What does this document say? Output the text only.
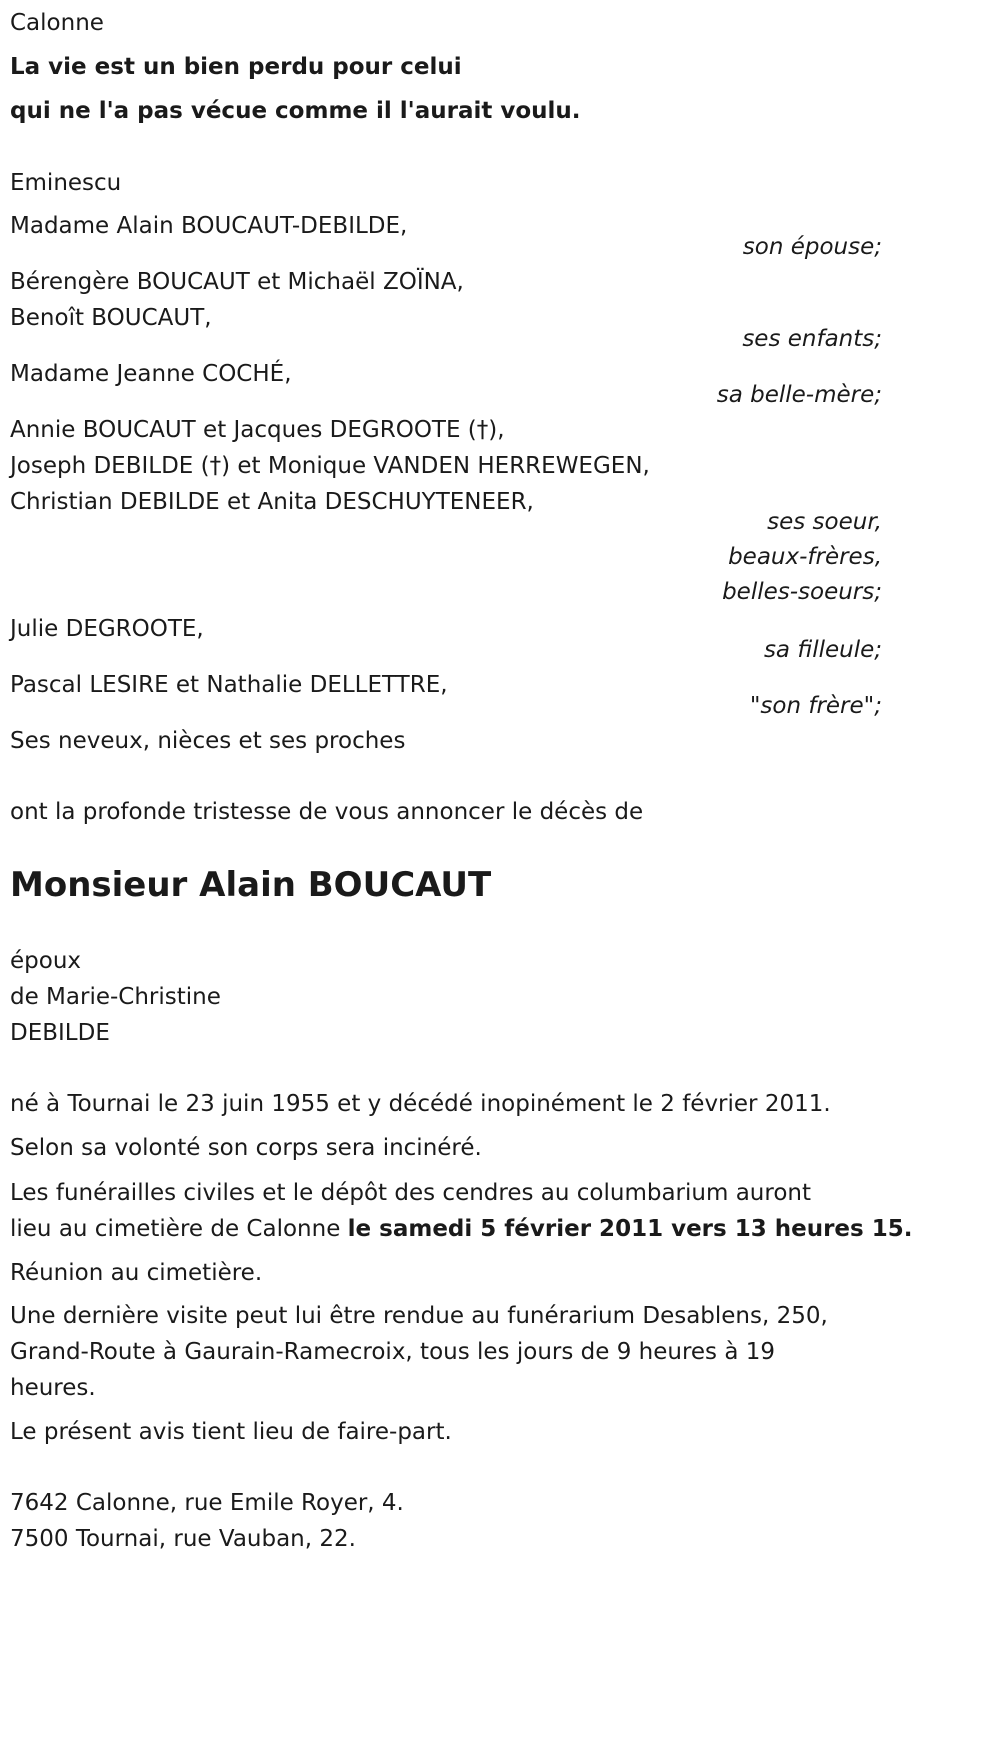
Calonne

La vie est un bien perdu pour celui

qui ne l'a pas vécue comme il l'aurait voulu.

Eminescu

Madame Alain BOUCAUT-DEBILDE,

son épouse;

Bérengère BOUCAUT et Michaël ZOÏNA,

Benoît BOUCAUT,

ses enfants;

Madame Jeanne COCHÉ,

sa belle-mère;

Annie BOUCAUT et Jacques DEGROOTE (†),

Joseph DEBILDE (†) et Monique VANDEN HERREWEGEN,

Christian DEBILDE et Anita DESCHUYTENEER,

ses soeur, beaux-frères, belles-soeurs;

Julie DEGROOTE,

sa filleule;

Pascal LESIRE et Nathalie DELLETTRE,

"son frère";

Ses neveux, nièces et ses proches

ont la profonde tristesse de vous annoncer le décès de

Monsieur Alain BOUCAUT

époux

de Marie-Christine

DEBILDE

né à Tournai le 23 juin 1955 et y décédé inopinément le 2 février 2011.

Selon sa volonté son corps sera incinéré.

Les funérailles civiles et le dépôt des cendres au columbarium auront

lieu au cimetière de Calonne le samedi 5 février 2011 vers 13 heures 15.

Réunion au cimetière.

Une dernière visite peut lui être rendue au funérarium Desablens, 250,

Grand-Route à Gaurain-Ramecroix, tous les jours de 9 heures à 19

heures.

Le présent avis tient lieu de faire-part.

7642 Calonne, rue Emile Royer, 4.

7500 Tournai, rue Vauban, 22.
